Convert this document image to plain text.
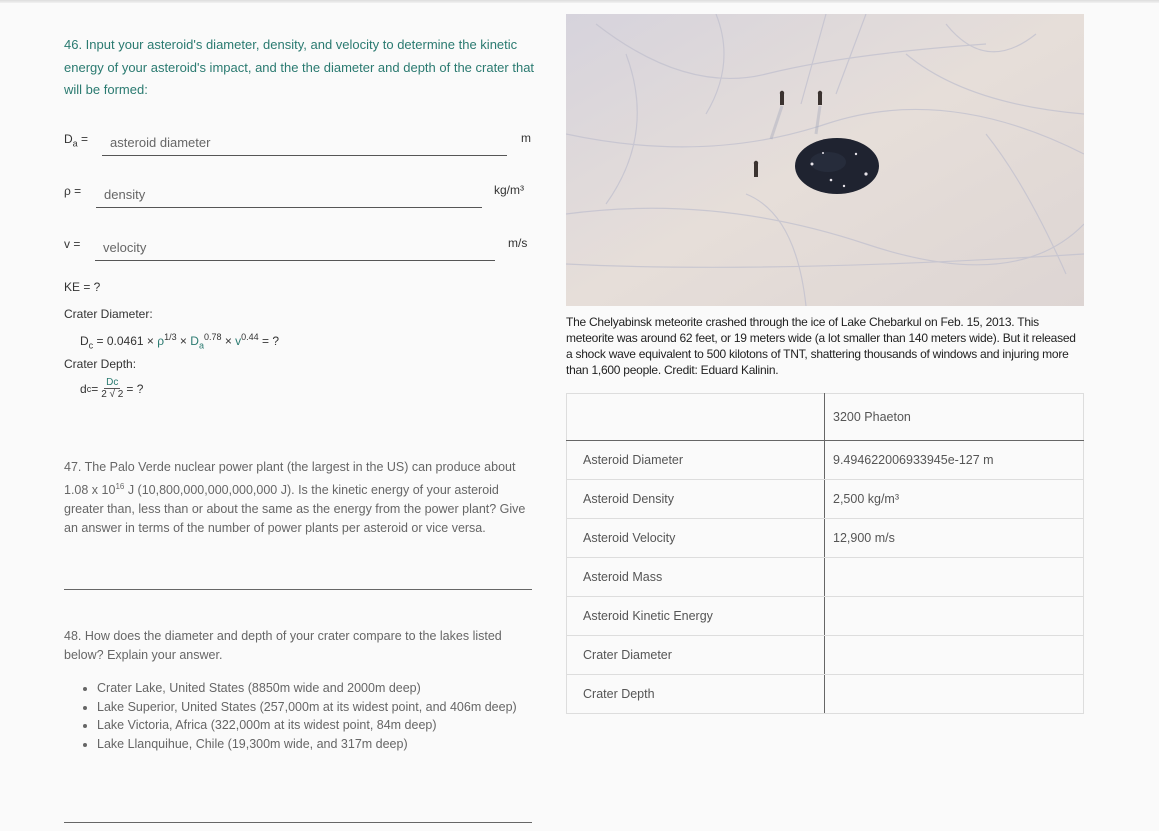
46. Input your asteroid's diameter, density, and velocity to determine the kinetic energy of your asteroid's impact, and the the diameter and depth of the crater that will be formed:
$D_a$ =
asteroid diameter	m
ρ =
density	kg/m³
v =
velocity	m/s
KE = ?
Crater Diameter:
$D_c = 0.0461 \times \rho^{1/3} \times D_a^{0.78} \times v^{0.44}$ = ?
Crater Depth:
d $c = \frac{Dc}{2 √ 2}$ = ?
47. The Palo Verde nuclear power plant (the largest in the US) can produce about 1.08 x $10^{16}$ J (10,800,000,000,000,000 J). Is the kinetic energy of your asteroid greater than, less than or about the same as the energy from the power plant? Give an answer in terms of the number of power plants per asteroid or vice versa.
48. How does the diameter and depth of your crater compare to the lakes listed below? Explain your answer.
• Crater Lake, United States (8850m wide and 2000m deep)
• Lake Superior, United States (257,000m at its widest point, and 406m deep)
• Lake Victoria, Africa (322,000m at its widest point, 84m deep)
• Lake Llanquihue, Chile (19,300m wide, and 317m deep)
The Chelyabinsk meteorite crashed through the ice of Lake Chebarkul on Feb. 15, 2013. This meteorite was around 62 feet, or 19 meters wide (a lot smaller than 140 meters wide). But it released a shock wave equivalent to 500 kilotons of TNT, shattering thousands of windows and injuring more than 1,600 people. Credit: Eduard Kalinin.
	3200 Phaeton
Asteroid Diameter	9.494622006933945e-127 m
Asteroid Density	2,500 kg/m³
Asteroid Velocity	12,900 m/s
Asteroid Mass	
Asteroid Kinetic Energy	
Crater Diameter	
Crater Depth	
